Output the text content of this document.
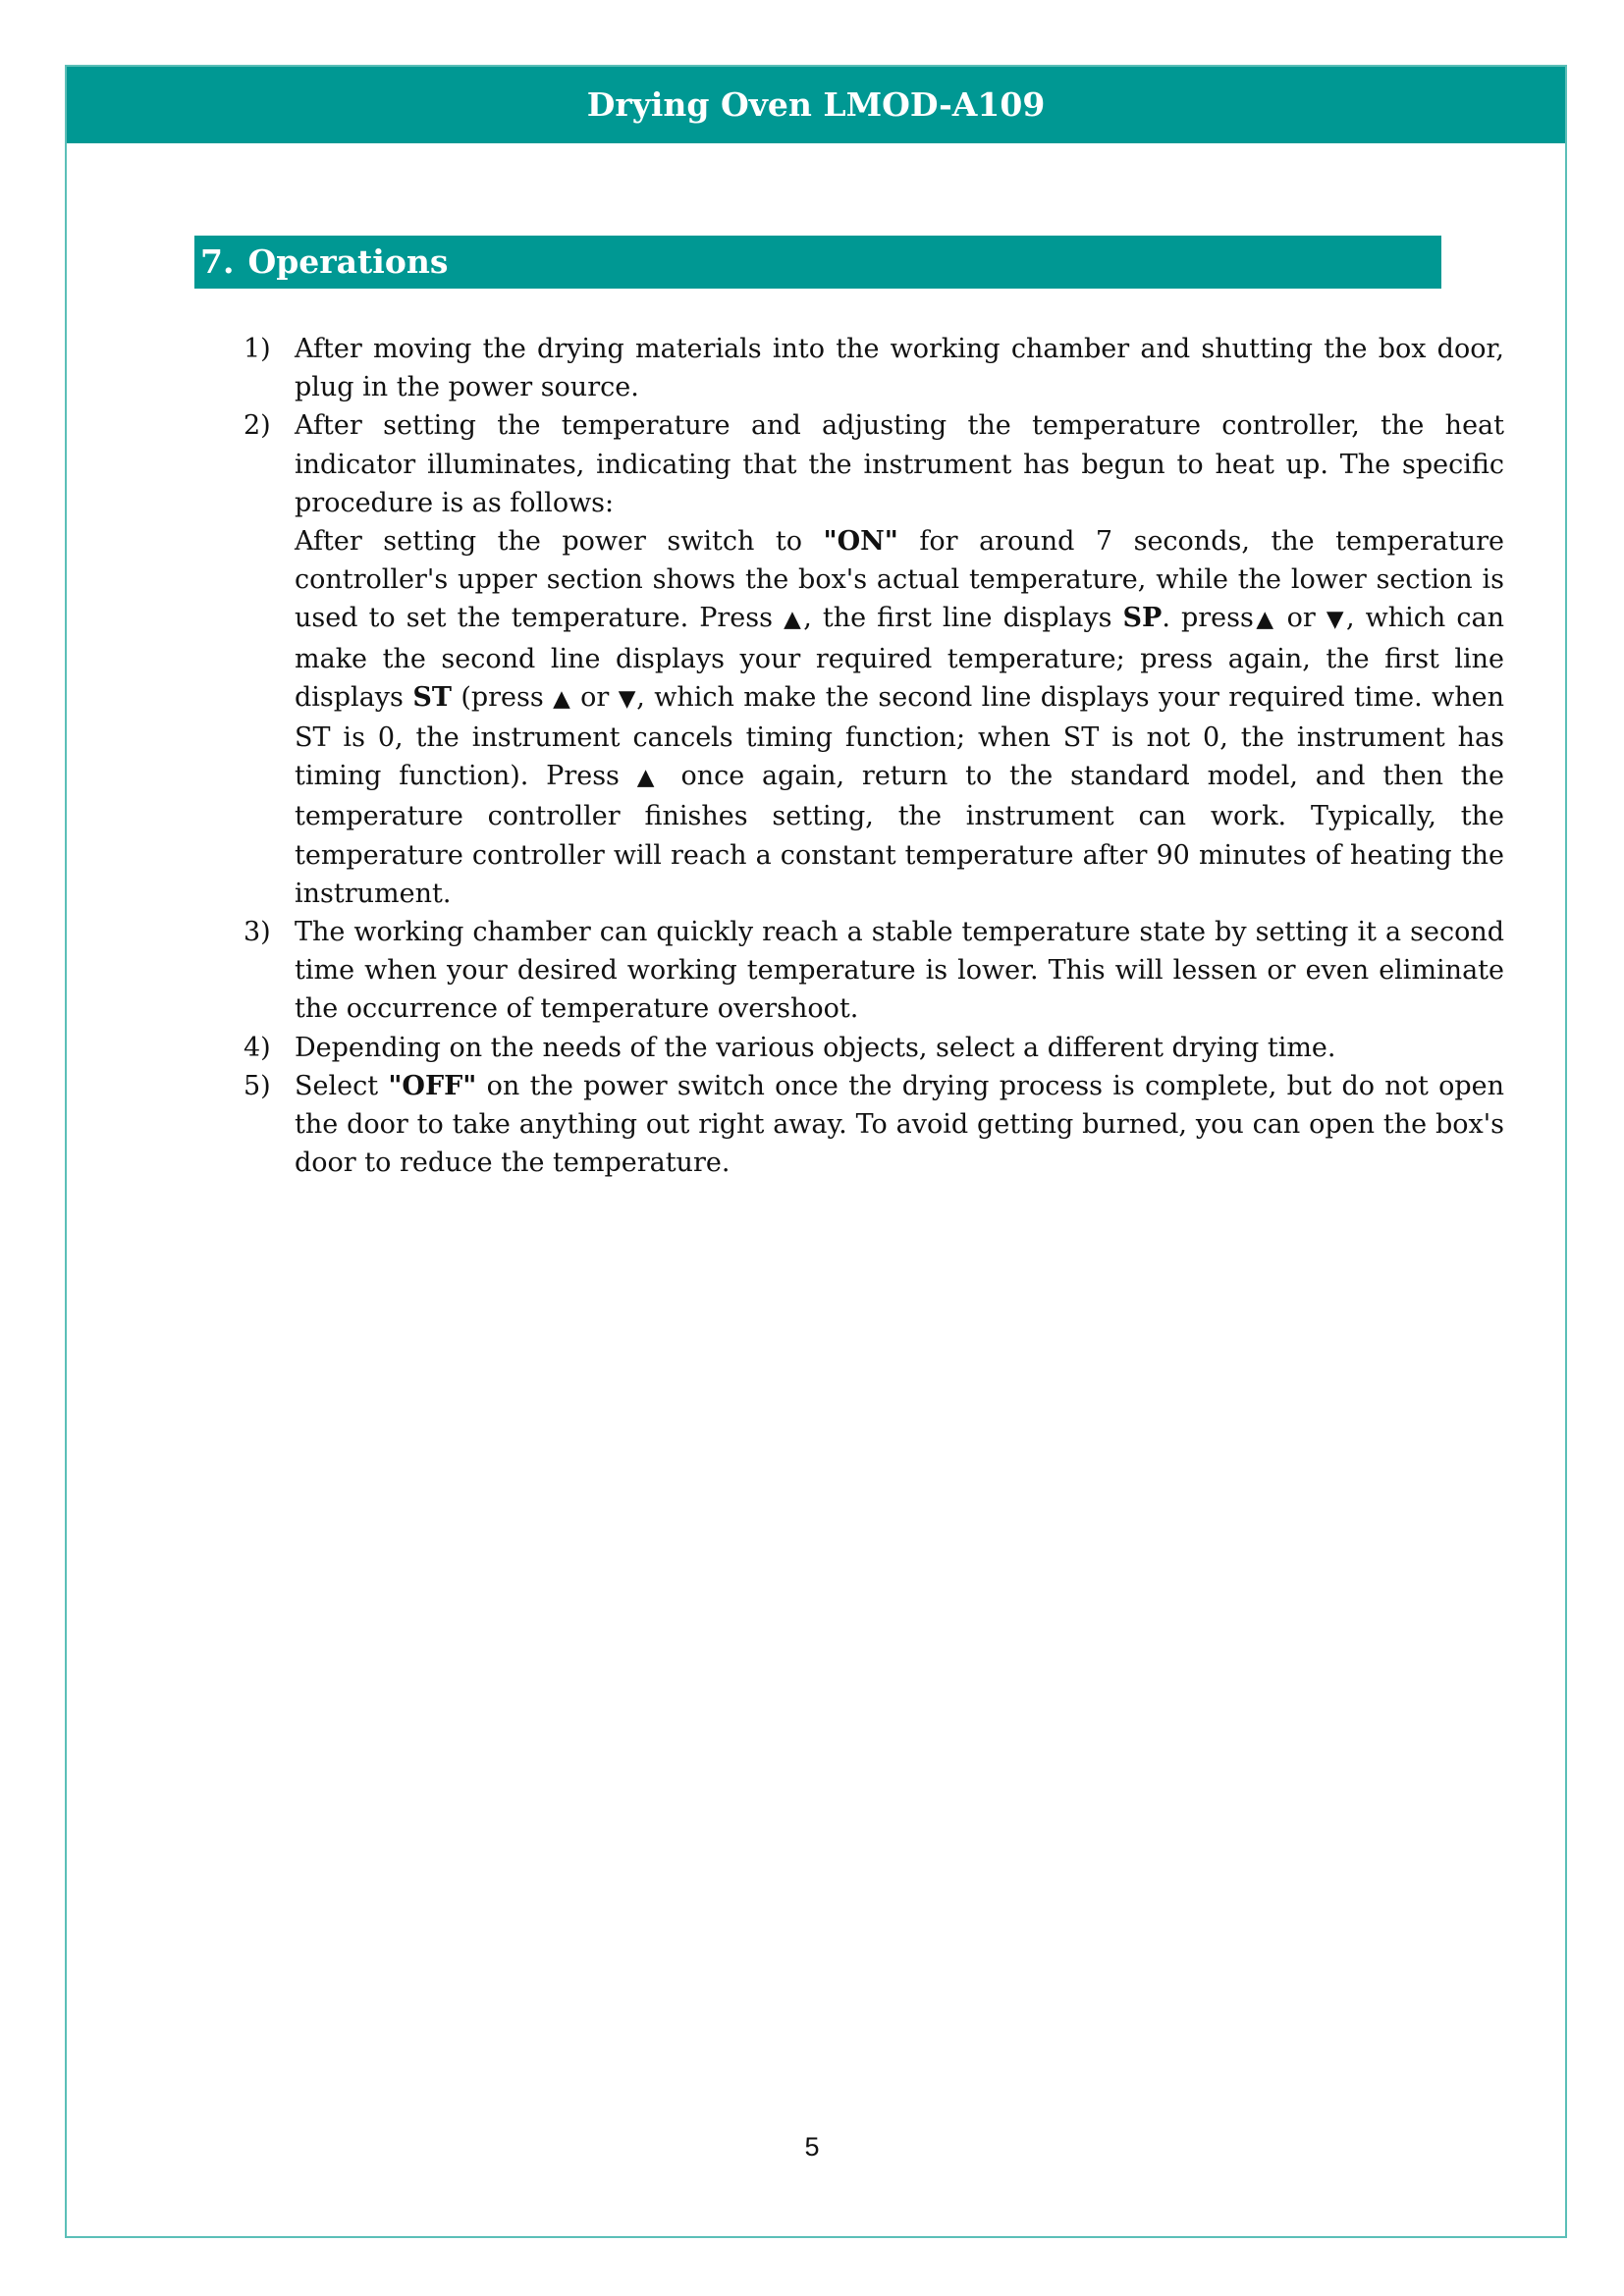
Drying Oven LMOD-A109
7. Operations
1) After moving the drying materials into the working chamber and shutting the box door, plug in the power source.
2) After setting the temperature and adjusting the temperature controller, the heat indicator illuminates, indicating that the instrument has begun to heat up. The specific procedure is as follows:
After setting the power switch to "ON" for around 7 seconds, the temperature controller's upper section shows the box's actual temperature, while the lower section is used to set the temperature. Press ▲, the first line displays SP. press▲ or ▼, which can make the second line displays your required temperature; press again, the first line displays ST (press ▲ or ▼, which make the second line displays your required time. when ST is 0, the instrument cancels timing function; when ST is not 0, the instrument has timing function). Press ▲ once again, return to the standard model, and then the temperature controller finishes setting, the instrument can work. Typically, the temperature controller will reach a constant temperature after 90 minutes of heating the instrument.
3) The working chamber can quickly reach a stable temperature state by setting it a second time when your desired working temperature is lower. This will lessen or even eliminate the occurrence of temperature overshoot.
4) Depending on the needs of the various objects, select a different drying time.
5) Select "OFF" on the power switch once the drying process is complete, but do not open the door to take anything out right away. To avoid getting burned, you can open the box's door to reduce the temperature.
5
